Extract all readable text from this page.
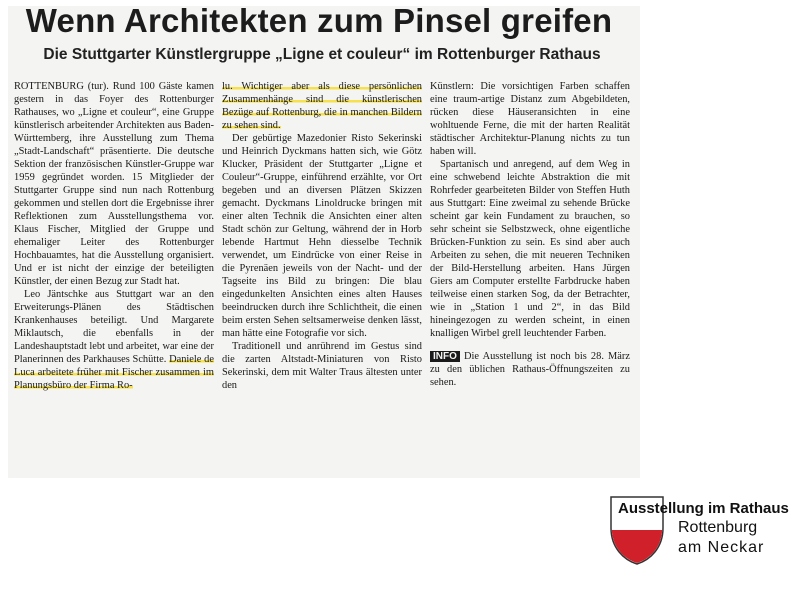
Wenn Architekten zum Pinsel greifen
Die Stuttgarter Künstlergruppe „Ligne et couleur“ im Rottenburger Rathaus

ROTTENBURG (tur). Rund 100 Gäste kamen gestern in das Foyer des Rottenburger Rathauses, wo „Ligne et couleur“, eine Gruppe künstlerisch arbeitender Architekten aus Baden-Württemberg, ihre Ausstellung zum Thema „Stadt-Landschaft“ präsentierte. Die deutsche Sektion der französischen Künstler-Gruppe war 1959 gegründet worden. 15 Mitglieder der Stuttgarter Gruppe sind nun nach Rottenburg gekommen und stellen dort die Ergebnisse ihrer Reflektionen zum Ausstellungsthema vor. Klaus Fischer, Mitglied der Gruppe und ehemaliger Leiter des Rottenburger Hochbauamtes, hat die Ausstellung organisiert. Und er ist nicht der einzige der beteiligten Künstler, der einen Bezug zur Stadt hat.

Leo Jäntschke aus Stuttgart war an den Erweiterungs-Plänen des Städtischen Krankenhauses beteiligt. Und Margarete Miklautsch, die ebenfalls in der Landeshauptstadt lebt und arbeitet, war eine der Planerinnen des Parkhauses Schütte. Daniele de Luca arbeitete früher mit Fischer zusammen im Planungsbüro der Firma Ro-

lu. Wichtiger aber als diese persönlichen Zusammenhänge sind die künstlerischen Bezüge auf Rottenburg, die in manchen Bildern zu sehen sind.

Der gebürtige Mazedonier Risto Sekerinski und Heinrich Dyckmans hatten sich, wie Götz Klucker, Präsident der Stuttgarter „Ligne et Couleur“-Gruppe, einführend erzählte, vor Ort begeben und an diversen Plätzen Skizzen gemacht. Dyckmans Linoldrucke bringen mit einer alten Technik die Ansichten einer alten Stadt schön zur Geltung, während der in Horb lebende Hartmut Hehn diesselbe Technik verwendet, um Eindrücke von einer Reise in die Pyrenäen jeweils von der Nacht- und der Tagseite ins Bild zu bringen: Die blau eingedunkelten Ansichten eines alten Hauses beeindrucken durch ihre Schlichtheit, die einen beim ersten Sehen seltsamerweise denken lässt, man hätte eine Fotografie vor sich.

Traditionell und anrührend im Gestus sind die zarten Altstadt-Miniaturen von Risto Sekerinski, dem mit Walter Traus ältesten unter den

Künstlern: Die vorsichtigen Farben schaffen eine traum-artige Distanz zum Abgebildeten, rücken diese Häuseransichten in eine wohltuende Ferne, die mit der harten Realität städtischer Architektur-Planung nichts zu tun haben will.

Spartanisch und anregend, auf dem Weg in eine schwebend leichte Abstraktion die mit Rohrfeder gearbeiteten Bilder von Steffen Huth aus Stuttgart: Eine zweimal zu sehende Brücke scheint gar kein Fundament zu brauchen, so sehr scheint sie Selbstzweck, ohne eigentliche Brücken-Funktion zu sein. Es sind aber auch Arbeiten zu sehen, die mit neueren Techniken der Bild-Herstellung arbeiten. Hans Jürgen Giers am Computer erstellte Farbdrucke haben teilweise einen starken Sog, da der Betrachter, wie in „Station 1 und 2“, in das Bild hineingezogen zu werden scheint, in einen knalligen Wirbel grell leuchtender Farben.

INFO Die Ausstellung ist noch bis 28. März zu den üblichen Rathaus-Öffnungszeiten zu sehen.

Ausstellung im Rathaus
Rottenburg
am Neckar
